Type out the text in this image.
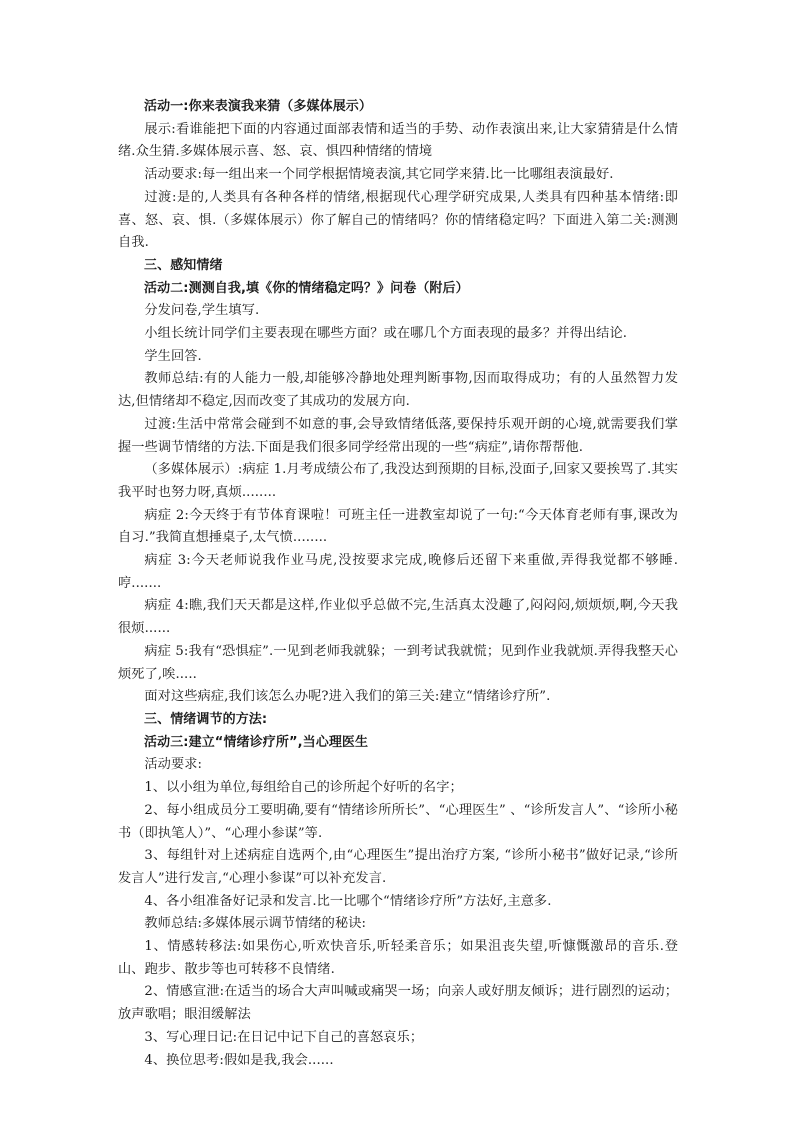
活动一:你来表演我来猜（多媒体展示）

展示:看谁能把下面的内容通过面部表情和适当的手势、动作表演出来,让大家猜猜是什么情绪.众生猜.多媒体展示喜、怒、哀、惧四种情绪的情境

活动要求:每一组出来一个同学根据情境表演,其它同学来猜.比一比哪组表演最好.

过渡:是的,人类具有各种各样的情绪,根据现代心理学研究成果,人类具有四种基本情绪:即喜、怒、哀、惧.（多媒体展示）你了解自己的情绪吗？你的情绪稳定吗？下面进入第二关:测测自我.

三、感知情绪

活动二:测测自我,填《你的情绪稳定吗？》问卷（附后）

分发问卷,学生填写.

小组长统计同学们主要表现在哪些方面？或在哪几个方面表现的最多？并得出结论.

学生回答.

教师总结:有的人能力一般,却能够冷静地处理判断事物,因而取得成功；有的人虽然智力发达,但情绪却不稳定,因而改变了其成功的发展方向.

过渡:生活中常常会碰到不如意的事,会导致情绪低落,要保持乐观开朗的心境,就需要我们掌握一些调节情绪的方法.下面是我们很多同学经常出现的一些“病症”,请你帮帮他.

（多媒体展示）:病症 1.月考成绩公布了,我没达到预期的目标,没面子,回家又要挨骂了.其实我平时也努力呀,真烦........

病症 2:今天终于有节体育课啦！可班主任一进教室却说了一句:“今天体育老师有事,课改为自习.”我简直想捶桌子,太气愤........

病症 3:今天老师说我作业马虎,没按要求完成,晚修后还留下来重做,弄得我觉都不够睡.哼.......

病症 4:瞧,我们天天都是这样,作业似乎总做不完,生活真太没趣了,闷闷闷,烦烦烦,啊,今天我很烦......

病症 5:我有“恐惧症”.一见到老师我就躲；一到考试我就慌；见到作业我就烦.弄得我整天心烦死了,唉.....

面对这些病症,我们该怎么办呢?进入我们的第三关:建立“情绪诊疗所”.

三、情绪调节的方法:

活动三:建立“情绪诊疗所”,当心理医生

活动要求:

1、以小组为单位,每组给自己的诊所起个好听的名字；

2、每小组成员分工要明确,要有“情绪诊所所长”、“心理医生” 、“诊所发言人”、“诊所小秘书（即执笔人）”、“心理小参谋”等.

3、每组针对上述病症自选两个,由“心理医生”提出治疗方案, “诊所小秘书”做好记录,“诊所发言人”进行发言,“心理小参谋”可以补充发言.

4、各小组准备好记录和发言.比一比哪个“情绪诊疗所”方法好,主意多.

教师总结:多媒体展示调节情绪的秘诀:

1、情感转移法:如果伤心,听欢快音乐,听轻柔音乐；如果沮丧失望,听慷慨激昂的音乐.登山、跑步、散步等也可转移不良情绪.

2、情感宣泄:在适当的场合大声叫喊或痛哭一场；向亲人或好朋友倾诉；进行剧烈的运动；放声歌唱；眼泪缓解法

3、写心理日记:在日记中记下自己的喜怒哀乐；

4、换位思考:假如是我,我会......
